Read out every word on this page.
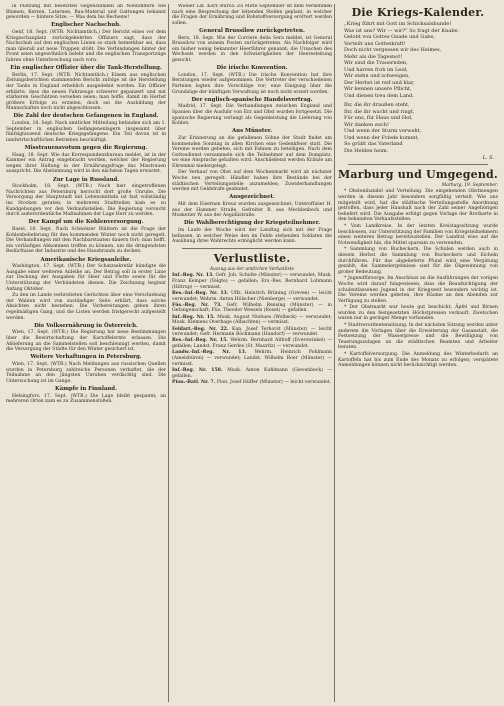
in Plötzung mit besetzten Gegenständen an Nonndlltern wie Blumen, Kerzen, Laternen, Bau-Material und Gattungen bekannt geworden — hintere Sitze. — Was dem bis Rechenw!

Englischer Nachschub.

Genf, 18. Sept. (WTB. Nichtamtlich.) Der Bericht eines vor dem Kriegsschauplatz zurückgekehrten Offiziers sagt, dass der Nachschub auf den englischen Linien so stark bemerkbar sei, dass man überall auf neue Truppen stößt. Die Verbindungen hinter der Front seien ungewöhnlich belebt und die englischen Transportzüge fahren ohne Unterbrechung nach vorn.

Ein englischer Offizier über die Tank-Herstellung.

Berlin, 17. Sept. (WTB. Nichtamtlich.) Einem aus englischen Zeitungsberichten stammenden Bericht zufolge ist die Herstellung der Tanks in England erheblich ausgedehnt worden. Ein Offizier erklärte, dass die neuen Fahrzeuge schwerer gepanzert und mit stärkeren Geschützen versehen seien; man hoffe, damit im Herbst größere Erfolge zu erzielen, doch sei die Ausbildung der Mannschaften noch nicht abgeschlossen.

Die Zahl der deutschen Gefangenen in England.

London, 18. Sept. Nach amtlicher Mitteilung befanden sich am 1. September in englischen Gefangenenlagern insgesamt über fünfzigtausend deutsche Kriegsgefangene. Ein Teil davon ist in landwirtschaftlichen Betrieben beschäftigt.

Misstrauensvotum gegen die Regierung.

Haag, 18. Sept. Wie das Korrespondenzbureau meldet, ist in der Kammer ein Antrag eingebracht worden, welcher der Regierung wegen ihrer Haltung in der Ernährungsfrage das Misstrauen ausspricht. Die Abstimmung wird in den nächsten Tagen erwartet.

Zur Lage in Russland.

Stockholm, 18. Sept. (WTB.) Nach hier eingetroffenen Nachrichten aus Petersburg herrscht dort große Unruhe. Die Versorgung der Hauptstadt mit Lebensmitteln ist fast vollständig ins Stocken geraten; in mehreren Stadtteilen kam es zu Kundgebungen vor den Verkaufsstellen. Die Regierung versucht durch außerordentliche Maßnahmen der Lage Herr zu werden.

Der Kampf um die Kohlenversorgung.

Basel, 18. Sept. Nach Schweizer Blättern ist die Frage der Kohlenbelieferung für den kommenden Winter noch nicht geregelt. Die Verhandlungen mit den Nachbarstaaten dauern fort; man hofft, ein vorläufiges Abkommen treffen zu können, um die dringendsten Bedürfnisse der Industrie und des Hausbrands zu decken.

Amerikanische Kriegsanleihe.

Washington, 17. Sept. (WTB.) Der Schatzsekretär kündigte die Ausgabe einer weiteren Anleihe an. Der Betrag soll in erster Linie zur Deckung der Ausgaben für Heer und Flotte sowie für die Unterstützung der Verbündeten dienen. Die Zeichnung beginnt Anfang Oktober.

Zu den im Lande verbreiteten Gerüchten über eine Verschiebung der Wahlen wird von zuständiger Seite erklärt, dass solche Absichten nicht bestehen. Die Vorbereitungen gehen ihren regelmäßigen Gang, und die Listen werden fristgerecht aufgestellt werden.

Die Volksernährung in Österreich.

Wien, 17. Sept. (WTB.) Die Regierung hat neue Bestimmungen über die Bewirtschaftung der Kartoffelernte erlassen. Die Ablieferung an die Sammelstellen soll beschleunigt werden, damit die Versorgung der Städte für den Winter gesichert ist.

Weitere Verhaftungen in Petersburg.

Wien, 17. Sept. (WTB.) Nach Meldungen aus russischen Quellen wurden in Petersburg zahlreiche Personen verhaftet, die der Teilnahme an den jüngsten Unruhen verdächtig sind. Die Untersuchung ist im Gange.

Kämpfe in Finnland.

Helsingfors, 17. Sept. (WTB.) Die Lage bleibt gespannt; an mehreren Orten kam es zu Zusammenstößen.

Wiener Lat. Korr.-Büros: Zu Mitte September ist dem Vernehmen nach eine Besprechung der leitenden Stellen geplant, in welcher die Fragen der Ernährung und Rohstoffversorgung erörtert werden sollen.

General Brussilow zurückgetreten.

Bern, 18. Sept. Wie der Corriere della Sera meldet, ist General Brussilow von seinem Posten zurückgetreten. Als Nachfolger wird ein bisher wenig bekannter Heerführer genannt; die Ursachen des Wechsels werden in den Schwierigkeiten der Heeresleitung gesucht.

Die irische Konvention.

London, 17. Sept. (WTB.) Die irische Konvention hat ihre Beratungen wieder aufgenommen. Die Vertreter der verschiedenen Parteien legten ihre Vorschläge vor; eine Einigung über die Grundzüge der künftigen Verwaltung ist noch nicht erzielt worden.

Der englisch-spanische Handelsvertrag.

Madrid, 17. Sept. Die Verhandlungen zwischen England und Spanien über die Ausfuhr von Erz und Obst wurden fortgesetzt. Die spanische Regierung verlangt als Gegenleistung die Lieferung von Kohlen.

Aus Münster.

Zur Erinnerung an die gefallenen Söhne der Stadt findet am kommenden Sonntag in allen Kirchen eine Gedenkfeier statt. Die Vereine werden gebeten, sich mit Fahnen zu beteiligen. Nach dem Gottesdienst versammeln sich die Teilnehmer auf dem Domplatz, wo eine Ansprache gehalten wird. Anschließend werden Kränze am Ehrenmal niedergelegt.

Der Verkauf von Obst auf dem Wochenmarkt wird ab nächster Woche neu geregelt. Händler haben ihre Bestände bei der städtischen Verteilungsstelle anzumelden; Zuwiderhandlungen werden mit Geldstrafe geahndet.

Ausgezeichnet.

Mit dem Eisernen Kreuz wurden ausgezeichnet: Unteroffizier H. aus der Hammer Straße, Gefreiter B. aus Mecklenbeck und Musketier W. aus der Aegidiistraße.

Die Wahlberechtigung der Kriegsteilnehmer.

Im Laufe der Woche wird der Landtag sich mit der Frage befassen, in welcher Weise den im Felde stehenden Soldaten die Ausübung ihres Wahlrechts ermöglicht werden kann.

Verlustliste.
Auszug aus der amtlichen Verlustliste
Inf.-Reg. Nr. 13. Gefr. Joh. Schulte (Münster) — verwundet; Musk. Franz Kemper (Telgte) — gefallen; Ers.-Res. Bernhard Lohmann (Hiltrup) — vermisst.
Res.-Inf.-Reg. Nr. 13. Uffz. Heinrich Brüning (Greven) — leicht verwundet; Wehrm. Anton Hölscher (Nienberge) — verwundet.
Füs.-Reg. Nr. 73. Gefr. Wilhelm Rensing (Münster) — in Gefangenschaft; Füs. Theodor Wessels (Roxel) — gefallen.
Inf.-Reg. Nr. 15. Musk. August Niehues (Wolbeck) — verwundet; Musk. Klemens Overhage (Albachten) — vermisst.
Feldart.-Reg. Nr. 22. Kan. Josef Terhorst (Münster) — leicht verwundet; Gefr. Hermann Böckmann (Handorf) — verwundet.
Res.-Inf.-Reg. Nr. 15. Wehrm. Bernhard Althoff (Everswinkel) — gefallen; Landst. Franz Gerdes (St. Mauritz) — verwundet.
Landw.-Inf.-Reg. Nr. 13. Wehrm. Heinrich Pohlmann (Amelsbüren) — verwundet; Landst. Wilhelm Roer (Münster) — vermisst.
Inf.-Reg. Nr. 158. Musk. Anton Kuhlmann (Gievenbeck) — gefallen.
Pion.-Batl. Nr. 7. Pion. Josef Hüffer (Münster) — leicht verwundet.
Die Kriegs-Kalender.
„Krieg führt mit Gott im Schicksalsbunde!
Was ist uns? Wir — wir?“ So fragt der Knabe.
Gelobt von Gottes Gnade und Gabe,
Verteilt uns Gotteskraft!
Doch nicht vergessen wir des Heimes,
Mehr als die Tagesnot!
Wir sind die Trauernden,
Und harren froh im Leid;
Wir stehn und schweigen,
Der Herbst ist reif und klar,
Wir kennen unsere Pflicht,
Und dienen treu dem Land.
Ihr, die ihr draußen steht,
Ihr, die ihr wacht und ringt,
Für uns, für Haus und Hof,
Wir danken euch!
Und wenn der Sturm verweht,
Und wenn der Friede kommt,
So grüßt das Vaterland
Die Helden heim.
L. S.
Marburg und Umgegend.
Marburg, 19. September.

* Obsteinhandel und Verteilung. Die eingehenden Obstmengen werden in diesem Jahr besonders sorgfältig verteilt. Wie uns mitgeteilt wird, hat die städtische Verteilungsstelle Anordnung getroffen, dass jeder Haushalt nach der Zahl seiner Angehörigen beliefert wird. Die Ausgabe erfolgt gegen Vorlage der Brotkarte in den bekannten Verkaufsstellen.

* Vom Landkreise. In der letzten Kreistagssitzung wurde beschlossen, zur Unterstützung der Familien von Kriegsteilnehmern einen weiteren Betrag bereitzustellen. Der Landrat wies auf die Notwendigkeit hin, die Mittel sparsam zu verwenden.

* Sammlung von Bucheckern. Die Schulen werden auch in diesem Herbst die Sammlung von Bucheckern und Eicheln durchführen. Für das abgelieferte Pfund wird eine Vergütung gezahlt; die Sammelergebnisse sind für die Ölgewinnung von großer Bedeutung.

* Jugendfürsorge. Im Anschluss an die Ausführungen der vorigen Woche wird darauf hingewiesen, dass die Beaufsichtigung der schulentlassenen Jugend in der Kriegszeit besonders wichtig ist. Die Vereine werden gebeten, ihre Räume an den Abenden zur Verfügung zu stellen.

* Der Obstmarkt war heute gut beschickt; Äpfel und Birnen wurden zu den festgesetzten Höchstpreisen verkauft, Zwetschen waren nur in geringer Menge vorhanden.

* Stadtverordnetensitzung. In der nächsten Sitzung werden unter anderem die Vorlagen über die Erweiterung der Gasanstalt, die Festsetzung der Wasserpreise und die Bewilligung von Teuerungszulagen an die städtischen Beamten und Arbeiter beraten.

* Kartoffelversorgung. Die Anmeldung des Winterbedarfs an Kartoffeln hat bis zum Ende des Monats zu erfolgen; verspätete Anmeldungen können nicht berücksichtigt werden.
